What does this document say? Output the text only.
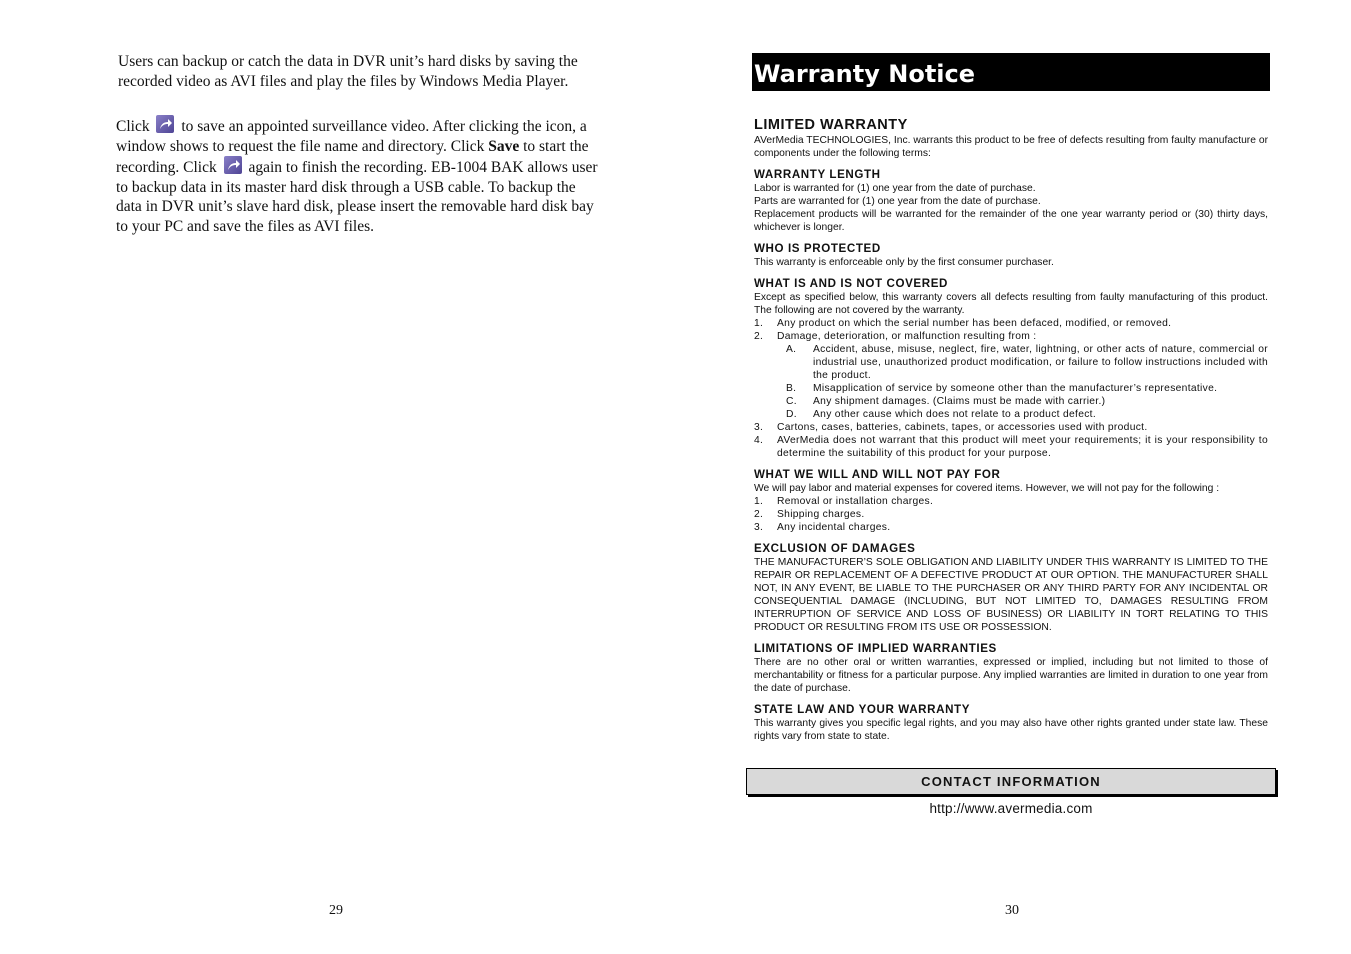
Users can backup or catch the data in DVR unit’s hard disks by saving the recorded video as AVI files and play the files by Windows Media Player.
Click to save an appointed surveillance video. After clicking the icon, a window shows to request the file name and directory. Click Save to start the recording. Click again to finish the recording. EB-1004 BAK allows user to backup data in its master hard disk through a USB cable. To backup the data in DVR unit’s slave hard disk, please insert the removable hard disk bay to your PC and save the files as AVI files.
29
Warranty Notice
LIMITED WARRANTY

AVerMedia TECHNOLOGIES, Inc. warrants this product to be free of defects resulting from faulty manufacture or components under the following terms:

WARRANTY LENGTH

Labor is warranted for (1) one year from the date of purchase.

Parts are warranted for (1) one year from the date of purchase.

Replacement products will be warranted for the remainder of the one year warranty period or (30) thirty days, whichever is longer.

WHO IS PROTECTED

This warranty is enforceable only by the first consumer purchaser.

WHAT IS AND IS NOT COVERED

Except as specified below, this warranty covers all defects resulting from faulty manufacturing of this product. The following are not covered by the warranty.

1. Any product on which the serial number has been defaced, modified, or removed.
2. Damage, deterioration, or malfunction resulting from :
A. Accident, abuse, misuse, neglect, fire, water, lightning, or other acts of nature, commercial or industrial use, unauthorized product modification, or failure to follow instructions included with the product.
B. Misapplication of service by someone other than the manufacturer’s representative.
C. Any shipment damages. (Claims must be made with carrier.)
D. Any other cause which does not relate to a product defect.
3. Cartons, cases, batteries, cabinets, tapes, or accessories used with product.
4. AVerMedia does not warrant that this product will meet your requirements; it is your responsibility to determine the suitability of this product for your purpose.
WHAT WE WILL AND WILL NOT PAY FOR

We will pay labor and material expenses for covered items. However, we will not pay for the following :

1. Removal or installation charges.
2. Shipping charges.
3. Any incidental charges.
EXCLUSION OF DAMAGES

THE MANUFACTURER’S SOLE OBLIGATION AND LIABILITY UNDER THIS WARRANTY IS LIMITED TO THE REPAIR OR REPLACEMENT OF A DEFECTIVE PRODUCT AT OUR OPTION. THE MANUFACTURER SHALL NOT, IN ANY EVENT, BE LIABLE TO THE PURCHASER OR ANY THIRD PARTY FOR ANY INCIDENTAL OR CONSEQUENTIAL DAMAGE (INCLUDING, BUT NOT LIMITED TO, DAMAGES RESULTING FROM INTERRUPTION OF SERVICE AND LOSS OF BUSINESS) OR LIABILITY IN TORT RELATING TO THIS PRODUCT OR RESULTING FROM ITS USE OR POSSESSION.

LIMITATIONS OF IMPLIED WARRANTIES

There are no other oral or written warranties, expressed or implied, including but not limited to those of merchantability or fitness for a particular purpose. Any implied warranties are limited in duration to one year from the date of purchase.

STATE LAW AND YOUR WARRANTY

This warranty gives you specific legal rights, and you may also have other rights granted under state law. These rights vary from state to state.

CONTACT INFORMATION
http://www.avermedia.com
30
